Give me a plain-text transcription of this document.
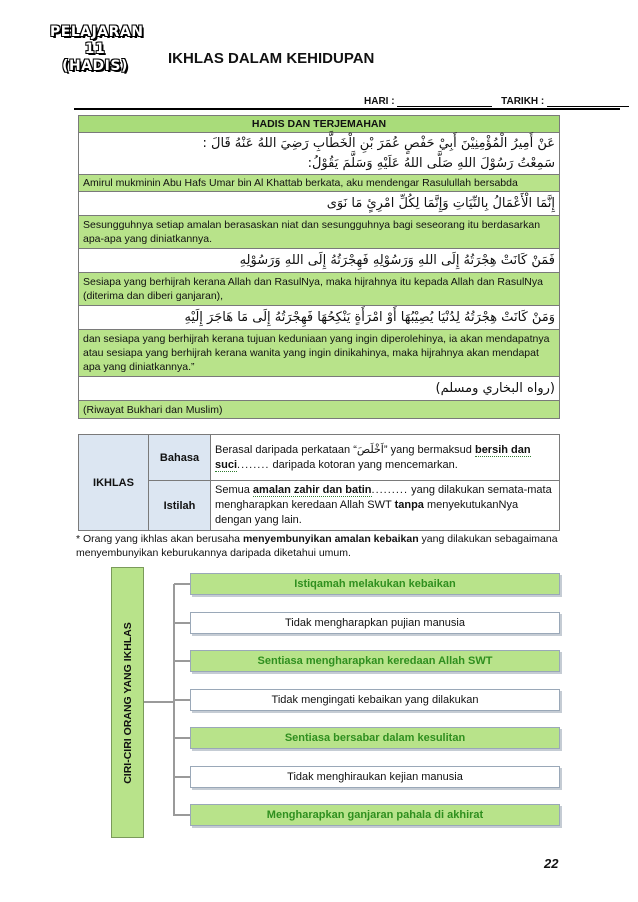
PELAJARAN
11
(HADIS)	IKHLAS DALAM KEHIDUPAN
HARI :	TARIKH :
HADIS DAN TERJEMAHAN

عَنْ أَمِيرُ الْمُؤْمِنِيْنَ أَبِيْ حَفْصٍ عُمَرَ بْنِ الْخَطَّابِ رَضِيَ اللهُ عَنْهُ قَالَ :
سَمِعْتُ رَسُوْلَ اللهِ صَلَّى اللهُ عَلَيْهِ وَسَلَّمَ يَقُوْلُ:

Amirul mukminin Abu Hafs Umar bin Al Khattab berkata, aku mendengar Rasulullah bersabda
إِنَّمَا الْأَعْمَالُ بِالنِّيَاتِ وَإِنَّمَا لِكُلِّ امْرِئٍ مَا نَوَى
Sesungguhnya setiap amalan berasaskan niat dan sesungguhnya bagi seseorang itu berdasarkan apa-apa yang diniatkannya.
فَمَنْ كَانَتْ هِجْرَتُهُ إِلَى اللهِ وَرَسُوْلِهِ فَهِجْرَتُهُ إِلَى اللهِ وَرَسُوْلِهِ
Sesiapa yang berhijrah kerana Allah dan RasulNya, maka hijrahnya itu kepada Allah dan RasulNya (diterima dan diberi ganjaran),
وَمَنْ كَانَتْ هِجْرَتُهُ لِدُنْيَا يُصِيْبُهَا أَوْ امْرَأَةٍ يَنْكِحُهَا فَهِجْرَتُهُ إِلَى مَا هَاجَرَ إِلَيْهِ
dan sesiapa yang berhijrah kerana tujuan keduniaan yang ingin diperolehinya, ia akan mendapatnya atau sesiapa yang berhijrah kerana wanita yang ingin dinikahinya, maka hijrahnya akan mendapat apa yang diniatkannya.”
(رواه البخاري ومسلم)
(Riwayat Bukhari dan Muslim)
IKHLAS	Bahasa	Berasal daripada perkataan “اَخْلَصَ” yang bermaksud bersih dan
suci........ daripada kotoran yang mencemarkan.
	Istilah	Semua amalan zahir dan batin......... yang dilakukan semata-mata mengharapkan keredaan Allah SWT tanpa menyekutukanNya dengan yang lain.
* Orang yang ikhlas akan berusaha menyembunyikan amalan kebaikan yang dilakukan sebagaimana menyembunyikan keburukannya daripada diketahui umum.
CIRI-CIRI ORANG YANG IKHLAS
Istiqamah melakukan kebaikan
Tidak mengharapkan pujian manusia
Sentiasa mengharapkan keredaan Allah SWT
Tidak mengingati kebaikan yang dilakukan
Sentiasa bersabar dalam kesulitan
Tidak menghiraukan kejian manusia
Mengharapkan ganjaran pahala di akhirat
22
